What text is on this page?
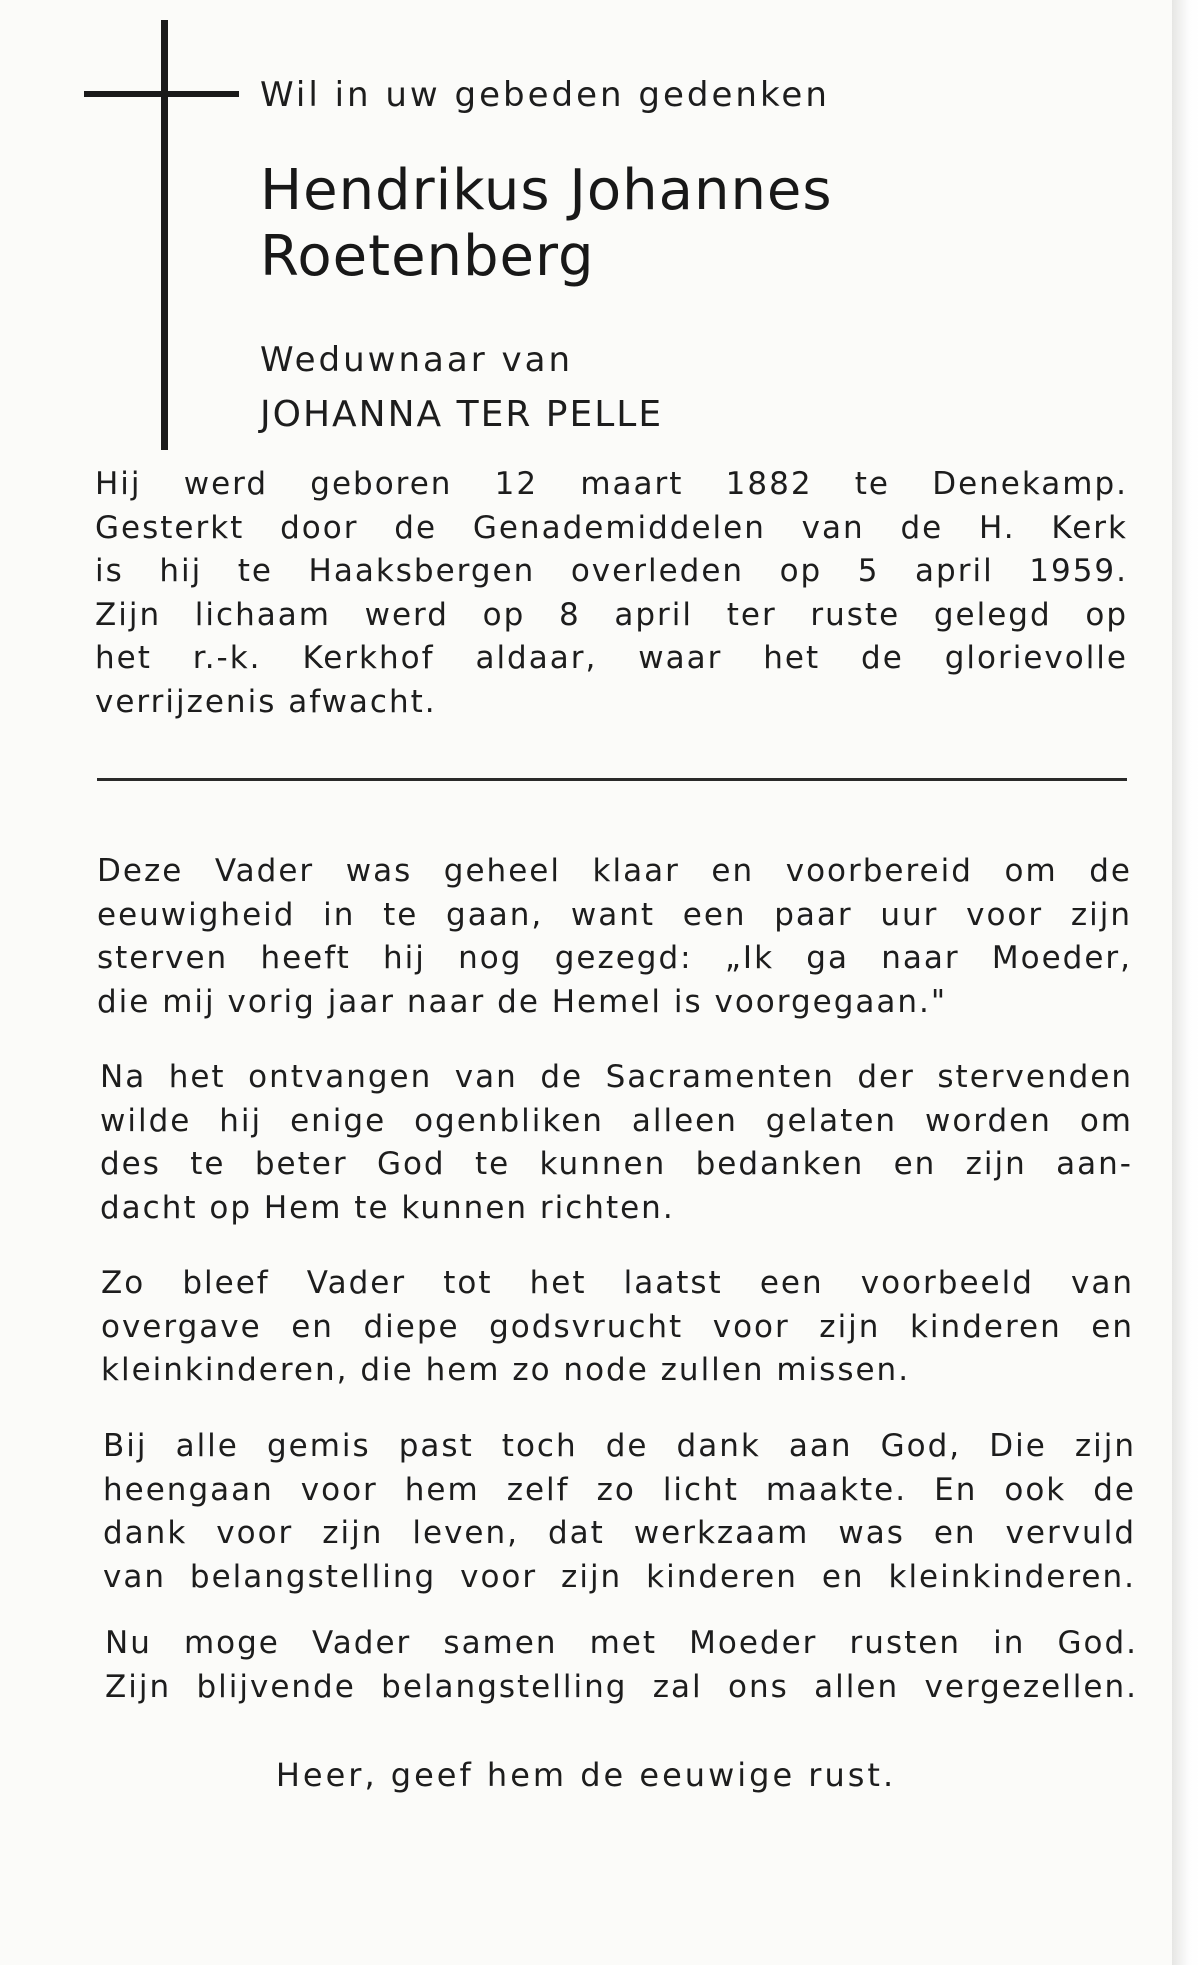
Wil in uw gebeden gedenken
Hendrikus Johannes
Roetenberg
Weduwnaar van
JOHANNA TER PELLE
Hij werd geboren 12 maart 1882 te Denekamp.
Gesterkt door de Genademiddelen van de H. Kerk
is hij te Haaksbergen overleden op 5 april 1959.
Zijn lichaam werd op 8 april ter ruste gelegd op
het r.-k. Kerkhof aldaar, waar het de glorievolle
verrijzenis afwacht.
Deze Vader was geheel klaar en voorbereid om de
eeuwigheid in te gaan, want een paar uur voor zijn
sterven heeft hij nog gezegd: „Ik ga naar Moeder,
die mij vorig jaar naar de Hemel is voorgegaan."
Na het ontvangen van de Sacramenten der stervenden
wilde hij enige ogenbliken alleen gelaten worden om
des te beter God te kunnen bedanken en zijn aan-
dacht op Hem te kunnen richten.
Zo bleef Vader tot het laatst een voorbeeld van
overgave en diepe godsvrucht voor zijn kinderen en
kleinkinderen, die hem zo node zullen missen.
Bij alle gemis past toch de dank aan God, Die zijn
heengaan voor hem zelf zo licht maakte. En ook de
dank voor zijn leven, dat werkzaam was en vervuld
van belangstelling voor zijn kinderen en kleinkinderen.
Nu moge Vader samen met Moeder rusten in God.
Zijn blijvende belangstelling zal ons allen vergezellen.
Heer, geef hem de eeuwige rust.
